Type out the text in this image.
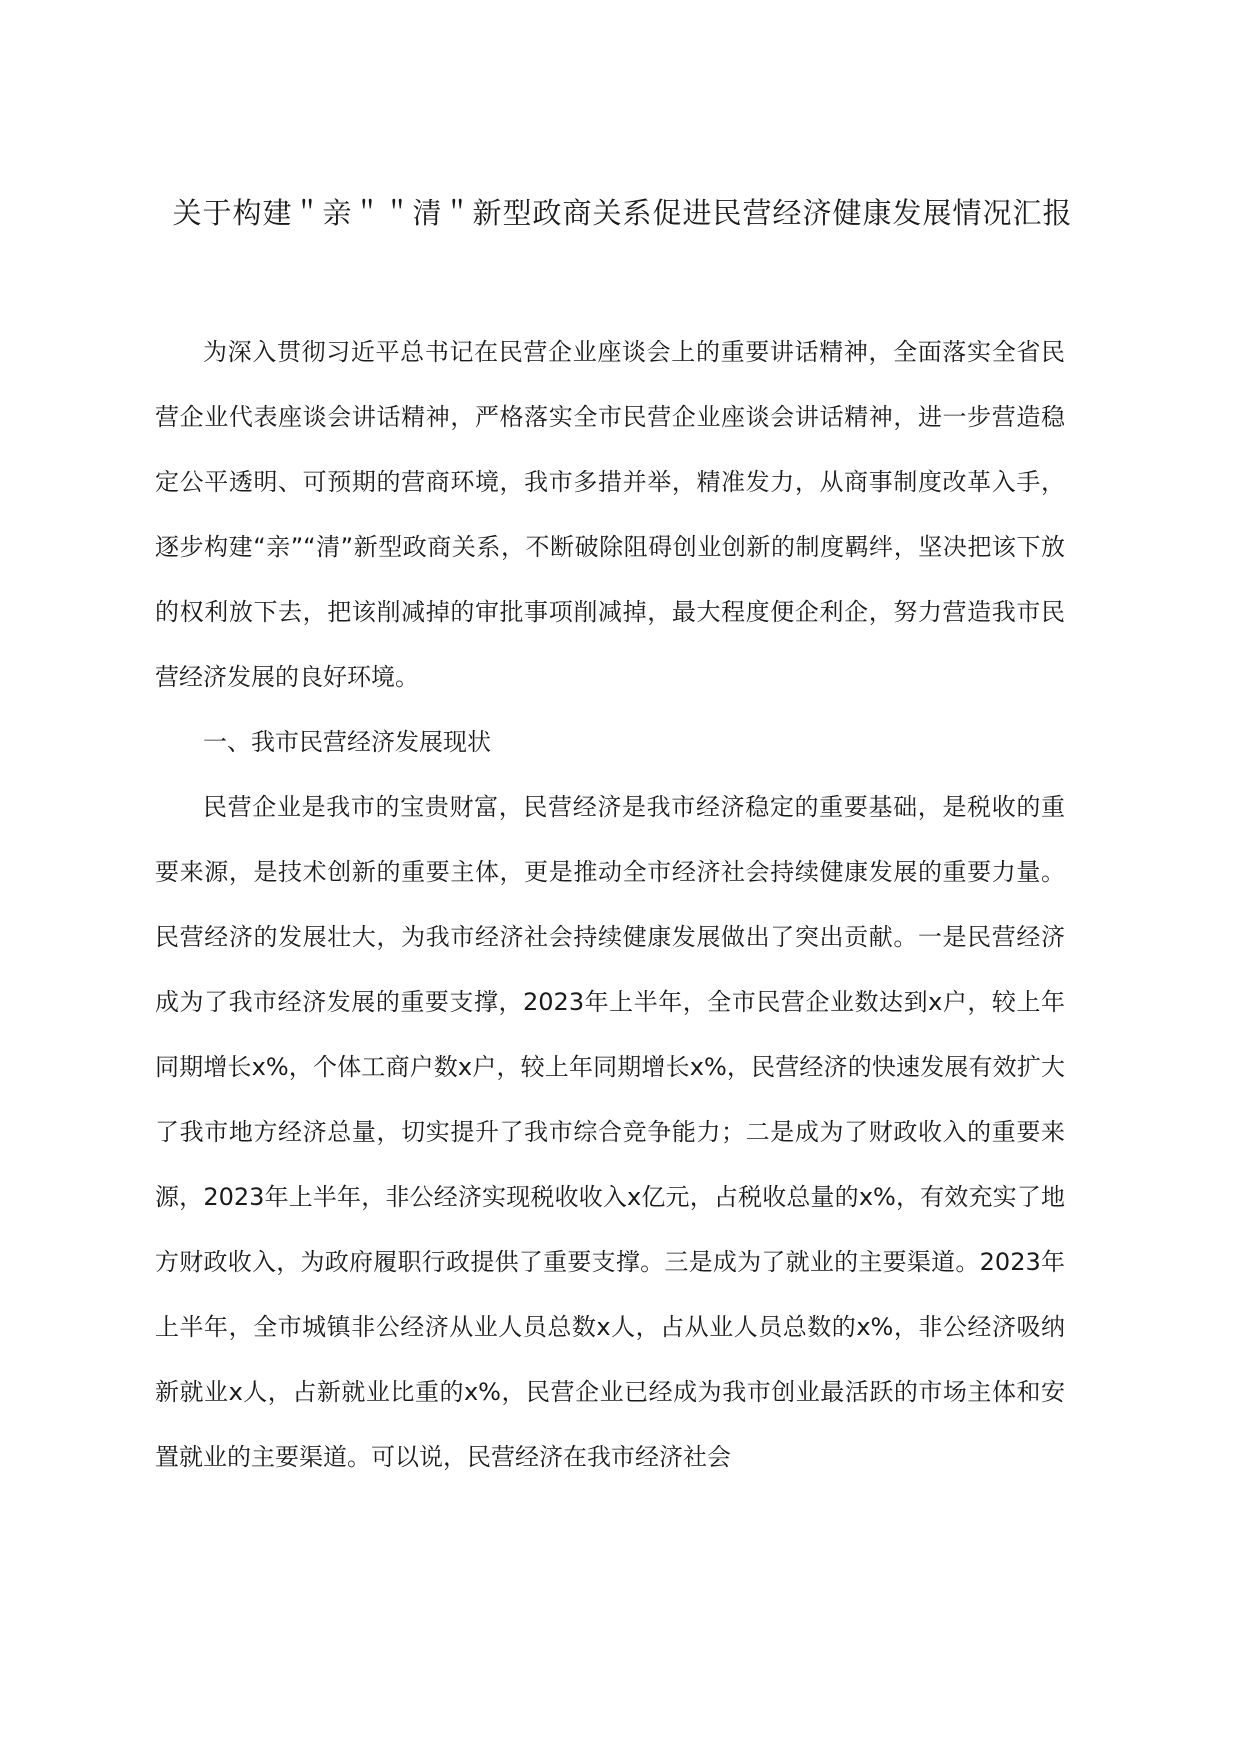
关于构建＂亲＂＂清＂新型政商关系促进民营经济健康发展情况汇报

为深入贯彻习近平总书记在民营企业座谈会上的重要讲话精神，全面落实全省民营企业代表座谈会讲话精神，严格落实全市民营企业座谈会讲话精神，进一步营造稳定公平透明、可预期的营商环境，我市多措并举，精准发力，从商事制度改革入手，逐步构建“亲”“清”新型政商关系，不断破除阻碍创业创新的制度羁绊，坚决把该下放的权利放下去，把该削减掉的审批事项削减掉，最大程度便企利企，努力营造我市民营经济发展的良好环境。

一、我市民营经济发展现状

民营企业是我市的宝贵财富，民营经济是我市经济稳定的重要基础，是税收的重要来源，是技术创新的重要主体，更是推动全市经济社会持续健康发展的重要力量。民营经济的发展壮大，为我市经济社会持续健康发展做出了突出贡献。一是民营经济成为了我市经济发展的重要支撑，2023年上半年，全市民营企业数达到x户，较上年同期增长x%，个体工商户数x户，较上年同期增长x%，民营经济的快速发展有效扩大了我市地方经济总量，切实提升了我市综合竞争能力；二是成为了财政收入的重要来源，2023年上半年，非公经济实现税收收入x亿元，占税收总量的x%，有效充实了地方财政收入，为政府履职行政提供了重要支撑。三是成为了就业的主要渠道。2023年上半年，全市城镇非公经济从业人员总数x人，占从业人员总数的x%，非公经济吸纳新就业x人，占新就业比重的x%，民营企业已经成为我市创业最活跃的市场主体和安置就业的主要渠道。可以说，民营经济在我市经济社会
